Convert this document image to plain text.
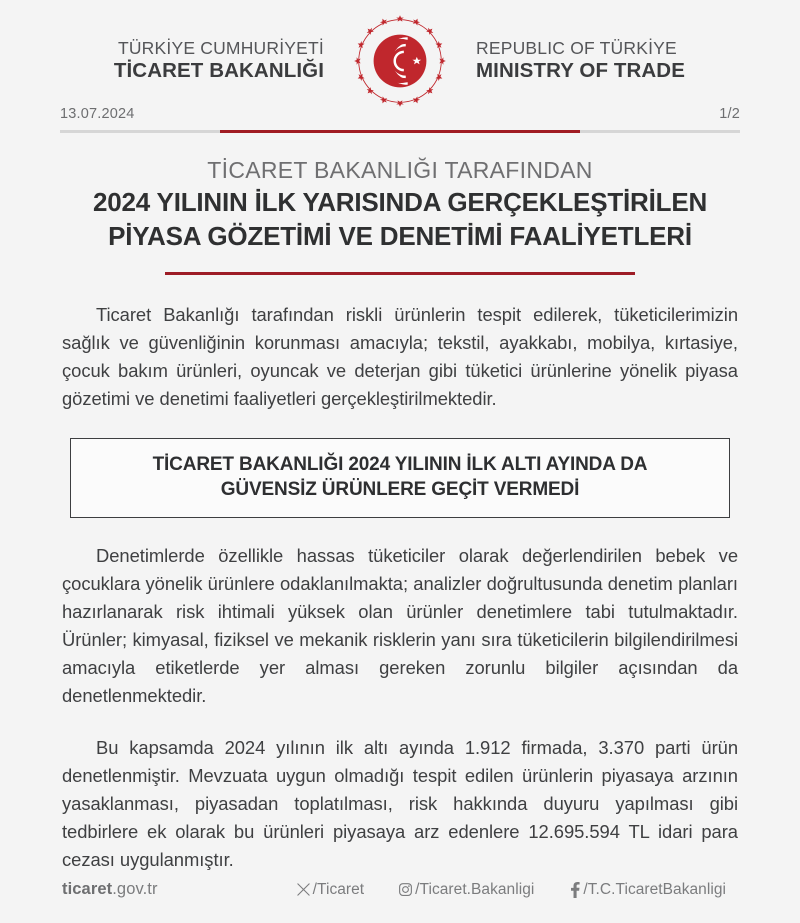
TÜRKİYE CUMHURİYETİ
TİCARET BAKANLIĞI
REPUBLIC OF TÜRKİYE
MINISTRY OF TRADE
13.07.2024	1/2
TİCARET BAKANLIĞI TARAFINDAN
2024 YILININ İLK YARISINDA GERÇEKLEŞTİRİLEN
PİYASA GÖZETİMİ VE DENETİMİ FAALİYETLERİ

Ticaret Bakanlığı tarafından riskli ürünlerin tespit edilerek, tüketicilerimizin sağlık ve güvenliğinin korunması amacıyla; tekstil, ayakkabı, mobilya, kırtasiye, çocuk bakım ürünleri, oyuncak ve deterjan gibi tüketici ürünlerine yönelik piyasa gözetimi ve denetimi faaliyetleri gerçekleştirilmektedir.

TİCARET BAKANLIĞI 2024 YILININ İLK ALTI AYINDA DA
GÜVENSİZ ÜRÜNLERE GEÇİT VERMEDİ

Denetimlerde özellikle hassas tüketiciler olarak değerlendirilen bebek ve çocuklara yönelik ürünlere odaklanılmakta; analizler doğrultusunda denetim planları hazırlanarak risk ihtimali yüksek olan ürünler denetimlere tabi tutulmaktadır. Ürünler; kimyasal, fiziksel ve mekanik risklerin yanı sıra tüketicilerin bilgilendirilmesi amacıyla etiketlerde yer alması gereken zorunlu bilgiler açısından da denetlenmektedir.

Bu kapsamda 2024 yılının ilk altı ayında 1.912 firmada, 3.370 parti ürün denetlenmiştir. Mevzuata uygun olmadığı tespit edilen ürünlerin piyasaya arzının yasaklanması, piyasadan toplatılması, risk hakkında duyuru yapılması gibi tedbirlere ek olarak bu ürünleri piyasaya arz edenlere 12.695.594 TL idari para cezası uygulanmıştır.

ticaret.gov.tr	/Ticaret	/Ticaret.Bakanligi	/T.C.TicaretBakanligi
